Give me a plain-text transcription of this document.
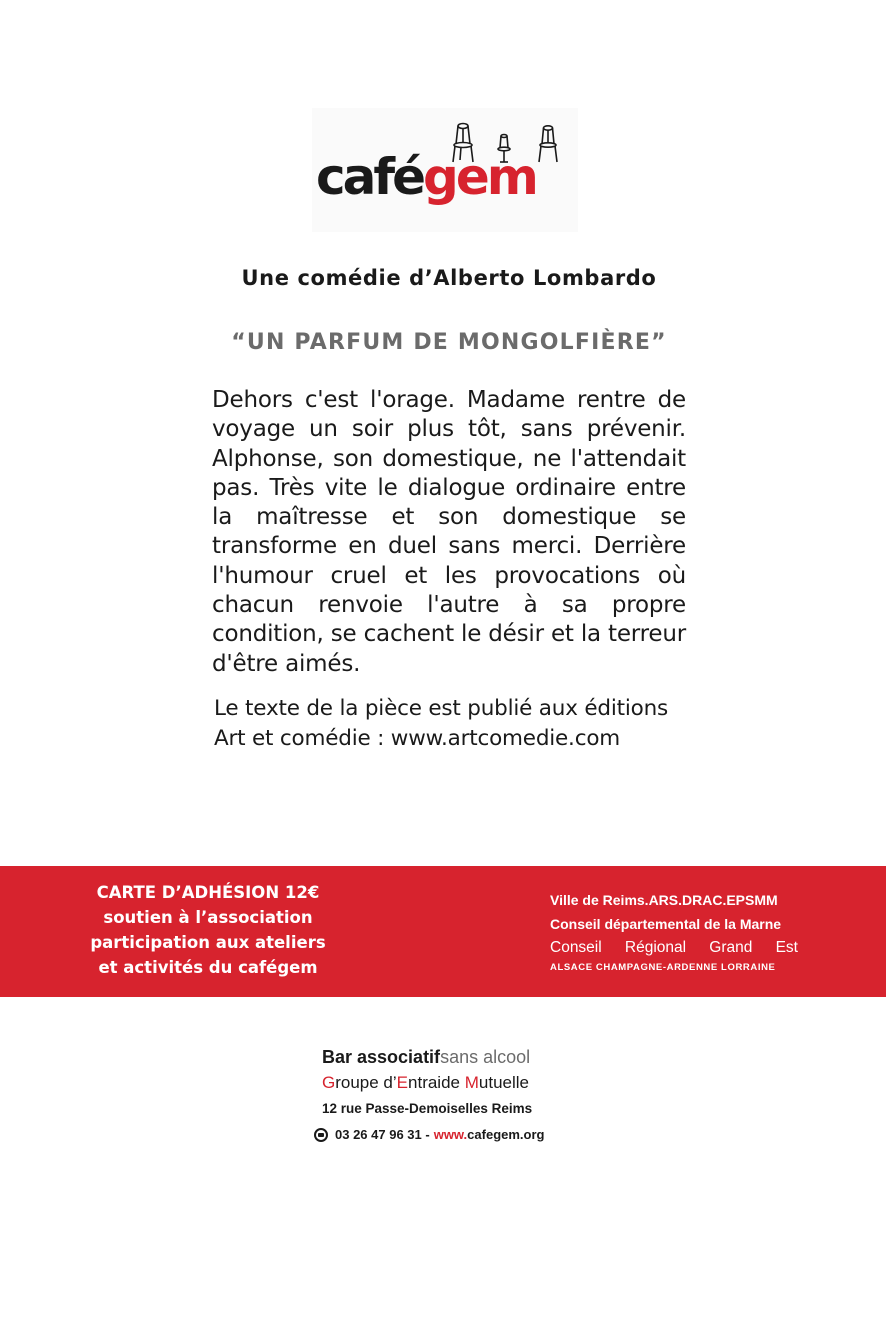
cafégem
Une comédie d’Alberto Lombardo
“UN PARFUM DE MONGOLFIÈRE”

Dehors c'est l'orage. Madame rentre de voyage un soir plus tôt, sans prévenir. Alphonse, son domestique, ne l'attendait pas. Très vite le dialogue ordinaire entre la maîtresse et son domestique se transforme en duel sans merci. Derrière l'humour cruel et les provocations où chacun renvoie l'autre à sa propre condition, se cachent le désir et la terreur d'être aimés.

Le texte de la pièce est publié aux éditions
Art et comédie : www.artcomedie.com
CARTE D’ADHÉSION 12€
soutien à l’association
participation aux ateliers
et activités du cafégem
Ville de Reims.ARS.DRAC.EPSMM
Conseil départemental de la Marne
Conseil Régional Grand Est
ALSACE CHAMPAGNE-ARDENNE LORRAINE
Bar associatifsans alcool
Groupe d’Entraide Mutuelle
12 rue Passe-Demoiselles Reims
03 26 47 96 31 - www.cafegem.org
